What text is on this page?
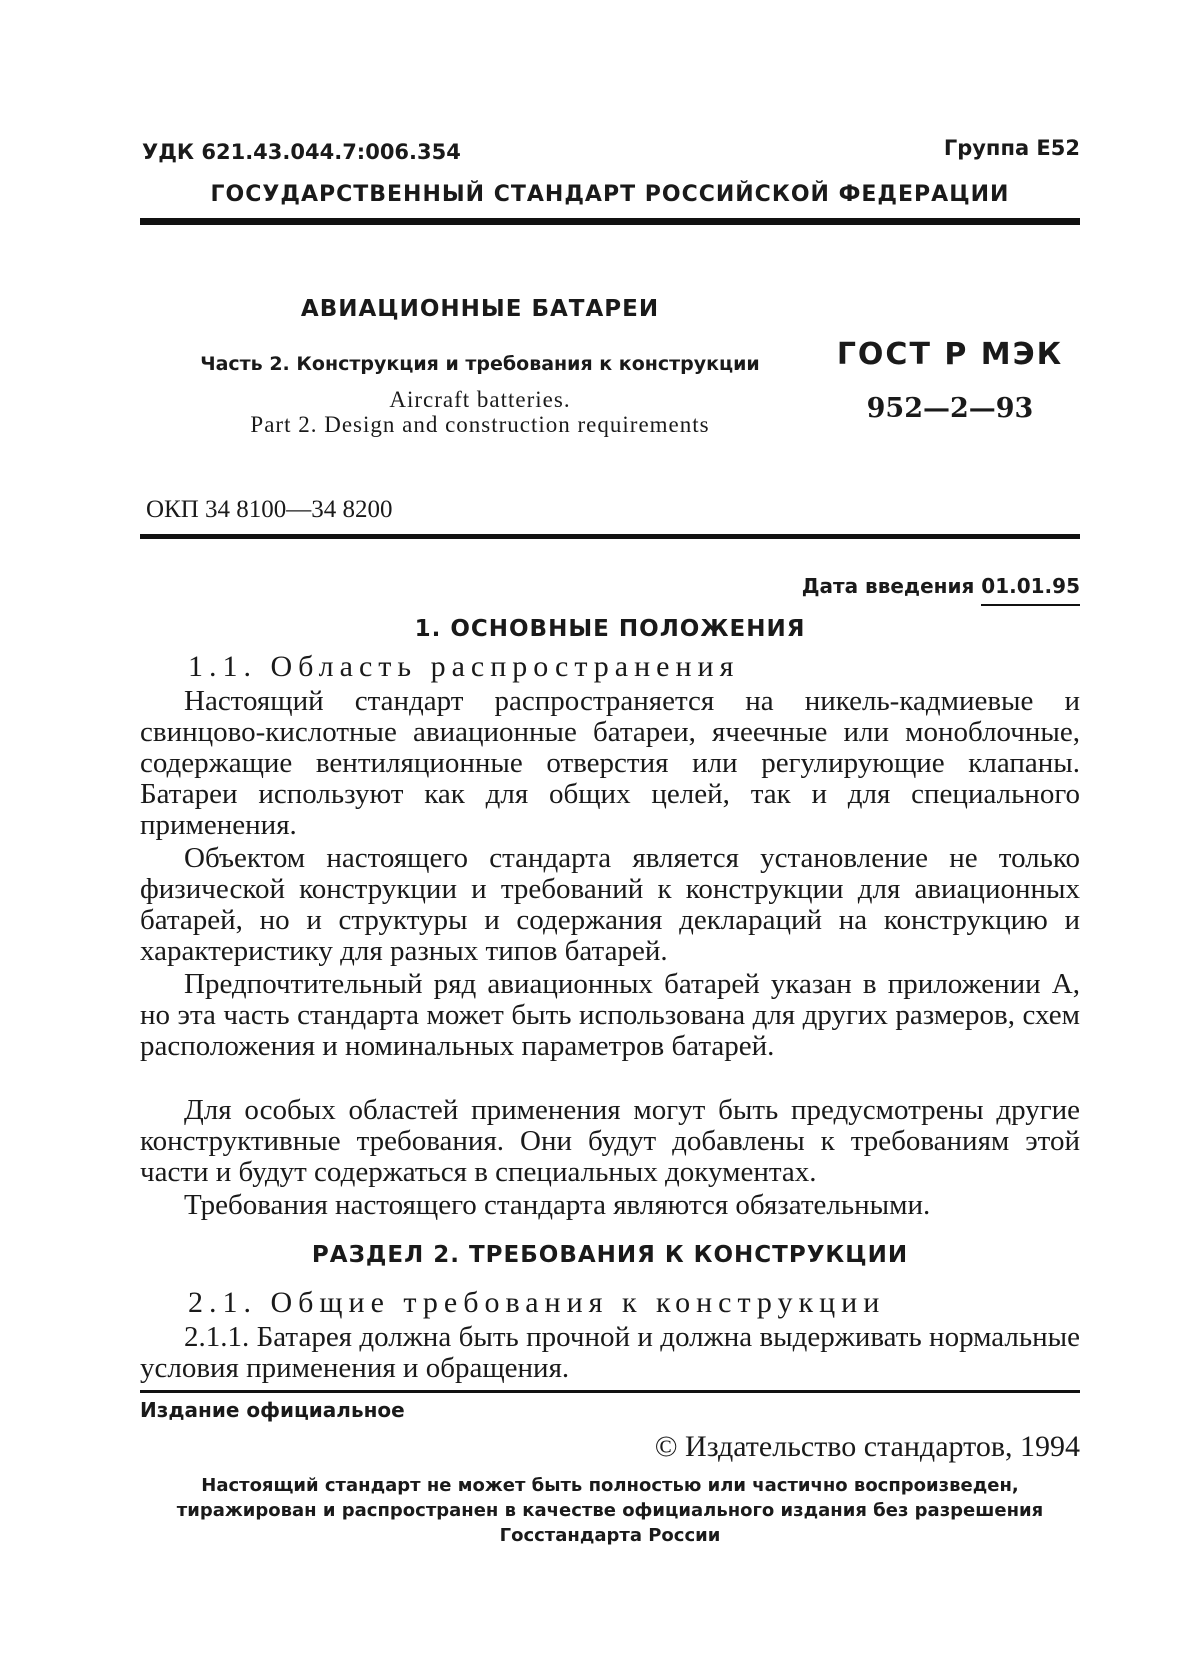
УДК 621.43.044.7:006.354	Группа Е52
ГОСУДАРСТВЕННЫЙ СТАНДАРТ РОССИЙСКОЙ ФЕДЕРАЦИИ
АВИАЦИОННЫЕ БАТАРЕИ
Часть 2. Конструкция и требования к конструкции
Aircraft batteries.
Part 2. Design and construction requirements
ГОСТ Р МЭК
952—2—93
ОКП 34 8100—34 8200
Дата введения 01.01.95
1. ОСНОВНЫЕ ПОЛОЖЕНИЯ
1.1. Область распространения
Настоящий стандарт распространяется на никель-кадмиевые и свинцово-кислотные авиационные батареи, ячеечные или моноблочные, содержащие вентиляционные отверстия или регулирующие клапаны. Батареи используют как для общих целей, так и для специального применения.
Объектом настоящего стандарта является установление не только физической конструкции и требований к конструкции для авиационных батарей, но и структуры и содержания деклараций на конструкцию и характеристику для разных типов батарей.
Предпочтительный ряд авиационных батарей указан в приложении А, но эта часть стандарта может быть использована для других размеров, схем расположения и номинальных параметров батарей.
Для особых областей применения могут быть предусмотрены другие конструктивные требования. Они будут добавлены к требованиям этой части и будут содержаться в специальных документах.
Требования настоящего стандарта являются обязательными.
РАЗДЕЛ 2. ТРЕБОВАНИЯ К КОНСТРУКЦИИ
2.1. Общие требования к конструкции
2.1.1. Батарея должна быть прочной и должна выдерживать нормальные условия применения и обращения.
Издание официальное
© Издательство стандартов, 1994
Настоящий стандарт не может быть полностью или частично воспроизведен,
тиражирован и распространен в качестве официального издания без разрешения
Госстандарта России
